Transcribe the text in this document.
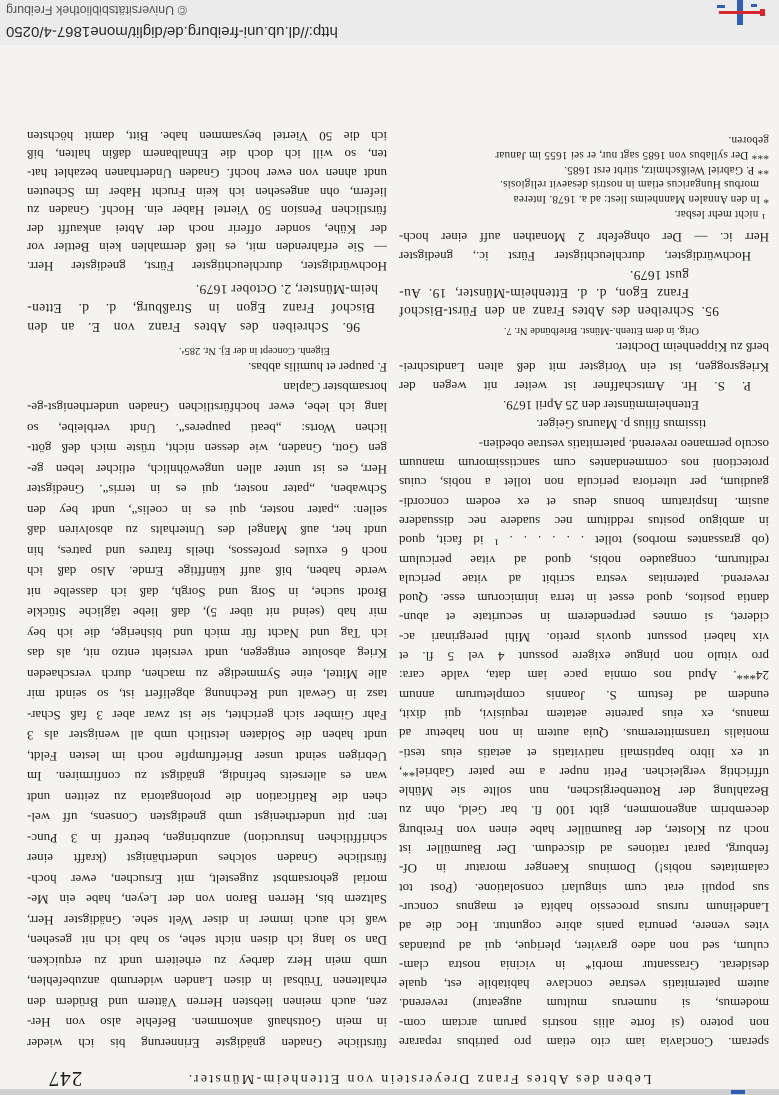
Leben des Abtes Franz Dreyerstein von Ettenheim-Münster.
247
speram. Conclavia iam cito etiam pro patribus reparare
non potero (si forte aliis nostris parum arctam com-
modemus, si numerus multum augeatur) reverend.
autem paternitatis vestrae conclave habitabile est, quale
desiderat. Grassantur morbi* in vicinia nostra clam-
culum, sed non adeo graviter, plerique, qui ad putandas
vites venere, penuria panis abire coguntur. Hoc die ad
Landelinum rursus processio habita et magnus concur-
sus populi erat cum singulari consolatione. (Post tot
calamitates nobis!) Dominus Kaenger moratur in Of-
fenburg, parat rationes ad discedum. Der Baumüller ist
noch zu Kloster, der Baumüller habe einen von Freiburg
decembrim angenommen, gibt 100 fl. bar Geld, ohn zu
Bezahlung der Rottenbergischen, nun sollte sie Mühle
uffrichtig vergleichen. Petit nuper a me pater Gabriel**,
ut ex libro baptismali nativitatis et aetatis eius testi-
monialis transmitteremus. Quia autem in non habetur ad
manus, ex eius parente aetatem requisivi, qui dixit,
eundem ad festum S. Joannis completurum annum
24***. Apud nos omnia pace iam data, valde cara:
pro vitulo non pingue exigere possunt 4 vel 5 fl. et
vix haberi possunt quovis pretio. Mihi peregrinari ac-
cideret, si omnes perpenderem in securitate et abun-
dantia positos, quod esset in terra inimicorum esse. Quod
reverend. paternitas vestra scribit ad vitae pericula
rediturum, congaudeo nobis, quod ad vitae periculum
(ob grassantes morbos) tollet . . . . . . ¹ id facit, quod
in ambiguo positus redditum nec suadere nec dissuadere
ausim. Inspiratum bonus deus et ex eodem concordi-
gaudium, per ulteriora pericula non tollet a nobis, cuius
protectioni nos commendantes cum sanctissimorum manuum
osculo permaneo reverend. paternitatis vestrae obedien-
tissimus filius p. Maurus Geiger.
Ettenheimmünster den 25 April 1679.
P. S. Hr. Amtschaffner ist weiter nit wegen der
Kriegsroggen, ist ein Vorigster mit deß alten Landtschrei-
berß zu Kippenheim Dochter.
Orig. in dem Ettenh.-Münst. Briefbünde Nr. 7.
95. Schreiben des Abtes Franz an den Fürst-Bischof
Franz Egon, d. d. Ettenheim-Münster, 19. Au-
gust 1679.
Hochwürdigster, durchleuchtigster Fürst ic., gnedigster
Herr ic. — Der ohngefehr 2 Monathen auff einer hoch-
¹ nicht mehr lesbar.
* In den Annalen Mannheims liest: ad a. 1678. Interea
morbus Hungaricus etiam in nostris desaevit religiosis.
** P. Gabriel Weißschmitz, stirbt erst 1685.
*** Der syllabus von 1685 sagt nur, er sei 1655 im Januar
geboren.
fürstliche Gnaden gnädigste Erinnerung bis ich wieder
in mein Gottshauß ankommen. Befehle also von Her-
zen, auch meinen liebsten Herren Vättern und Brüdern den
erhaltenen Trübsal in disen Landen widerumb anzubefehlen,
umb mein Herz darbey zu erheitern undt zu erquicken.
Dan so lang ich disen nicht sehe, so hab ich nit gesehen,
waß ich auch immer in diser Welt sehe. Gnädigster Herr,
Saltzern bis, Herren Baron von der Leyen, habe ein Me-
morial gehorsambst zugestelt, mit Ersuchen, ewer hoch-
fürstliche Gnaden solches underthänigst (krafft einer
schrifftlichen Instruction) anzubringen, betreff in 3 Punc-
ten: pitt underthenigst umb gnedigsten Consens, uff wel-
chen die Ratification die prolongatoria zu zeitten undt
wan es allerseits befindig, gnädigst zu confirmiren. Im
Uebrigen seindt unser Brieffumpfle noch im lesten Feldt,
undt haben die Soldaten letstlich umb all wenigster als 3
Fahr Gimber sich gerichtet, sie ist zwar aber 3 faß Schar-
tasz in Gewalt und Rechnung abgelifert ist, so seindt mir
alle Mittel, eine Symmedige zu machen, durch verschaeden
Krieg absolute entgegen, undt versieht entzo nit, als das
ich Tag und Nacht für mich und bisherige, die ich bey
mir hab (seind nit über 5), daß liebe tägliche Stückle
Brodt suche, in Sorg und Sorgh, daß ich dasselbe nit
werde haben, biß auff künfftige Ernde. Also daß ich
noch 6 exules professos, theils fratres und patres, hin
undt her, auß Mangel des Unterhalts zu absolviren daß
seilen: „pater noster, qui es in coelis“, undt bey den
Schwaben, „pater noster, qui es in terris“. Gnedigster
Herr, es ist unter allen ungewöhnlich, etlicher leben ge-
gen Gott, Gnaden, wie dessen nicht, trüste mich deß gött-
lichen Worts: „beati pauperes“. Undt verbleibe, so
lang ich lebe, ewer hochfürstlichen Gnaden underthenigst-ge-
horsambster Caplan
F. pauper et humilis abbas.
Eigenh. Concept in der Ej. Nr. 285ᵃ.
96. Schreiben des Abtes Franz von E. an den
Bischof Franz Egon in Straßburg, d. d. Etten-
heim-Münster, 2. October 1679.
Hochwürdigster, durchleuchtigster Fürst, gnedigster Herr.
— Sie erfahrenden mit, es ließ dermahlen kein Bettler vor
der Kühe, sonder offerir noch der Abtei ankaufft der
fürstlichen Pension 50 Viertel Haber ein. Hochf. Gnaden zu
liefern, ohn angesehen ich kein Frucht Haber im Scheuten
undt ahnen von ewer hochf. Gnaden Underthanen bezahlet hat-
ten, so will ich doch die Ehnalbanern daßin halten, biß
ich die 50 Viertel beysammen habe. Bitt, damit höchsten
http://dl.ub.uni-freiburg.de/diglit/mone1867-4/0250
© Universitätsbibliothek Freiburg
